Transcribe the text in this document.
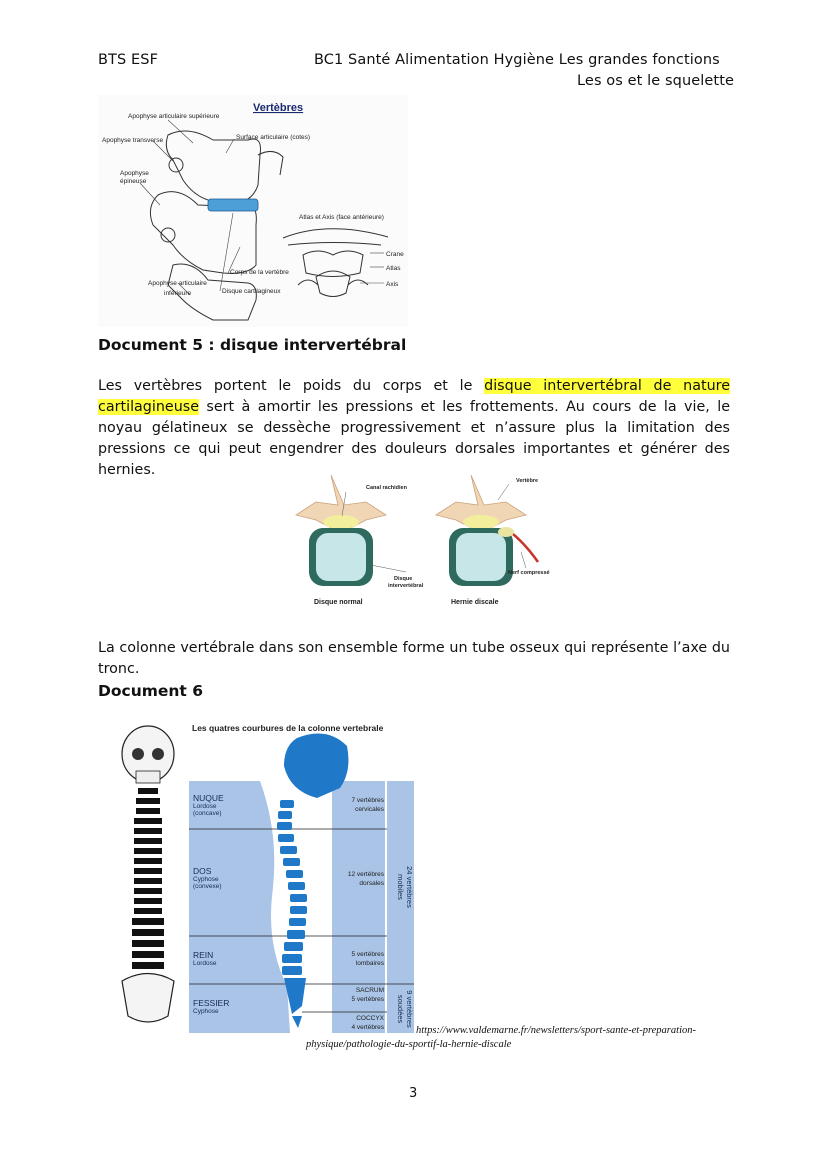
BTS ESF	BC1 Santé Alimentation Hygiène Les grandes fonctions
Les os et le squelette
Vertèbres
Apophyse articulaire supérieure
Apophyse transverse	Surface articulaire (cotes)
Apophyse
épineuse
Atlas et Axis (face antérieure)
Crane
Atlas
Axis
Corps de la vertèbre
Apophyse articulaire
inférieure	Disque cartilagineux
Document 5 : disque intervertébral
Les vertèbres portent le poids du corps et le disque intervertébral de nature cartilagineuse sert à amortir les pressions et les frottements. Au cours de la vie, le noyau gélatineux se dessèche progressivement et n’assure plus la limitation des pressions ce qui peut engendrer des douleurs dorsales importantes et générer des hernies.
Canal rachidien
Vertèbre
Disque
intervertébral
Nerf compressé
Disque normal	Hernie discale
La colonne vertébrale dans son ensemble forme un tube osseux qui représente l’axe du tronc.
Document 6
Les quatres courbures de la colonne vertebrale
NUQUE
Lordose
(concave)
DOS
Cyphose
(convexe)
REIN
Lordose
FESSIER
Cyphose
7 vertèbres
cervicales
12 vertèbres
dorsales
5 vertèbres
lombaires
SACRUM
5 vertèbres
COCCYX
4 vertèbres
24 vertèbres
mobiles
9 vertèbres
soudées
https://www.valdemarne.fr/newsletters/sport-sante-et-preparation-
physique/pathologie-du-sportif-la-hernie-discale
3
